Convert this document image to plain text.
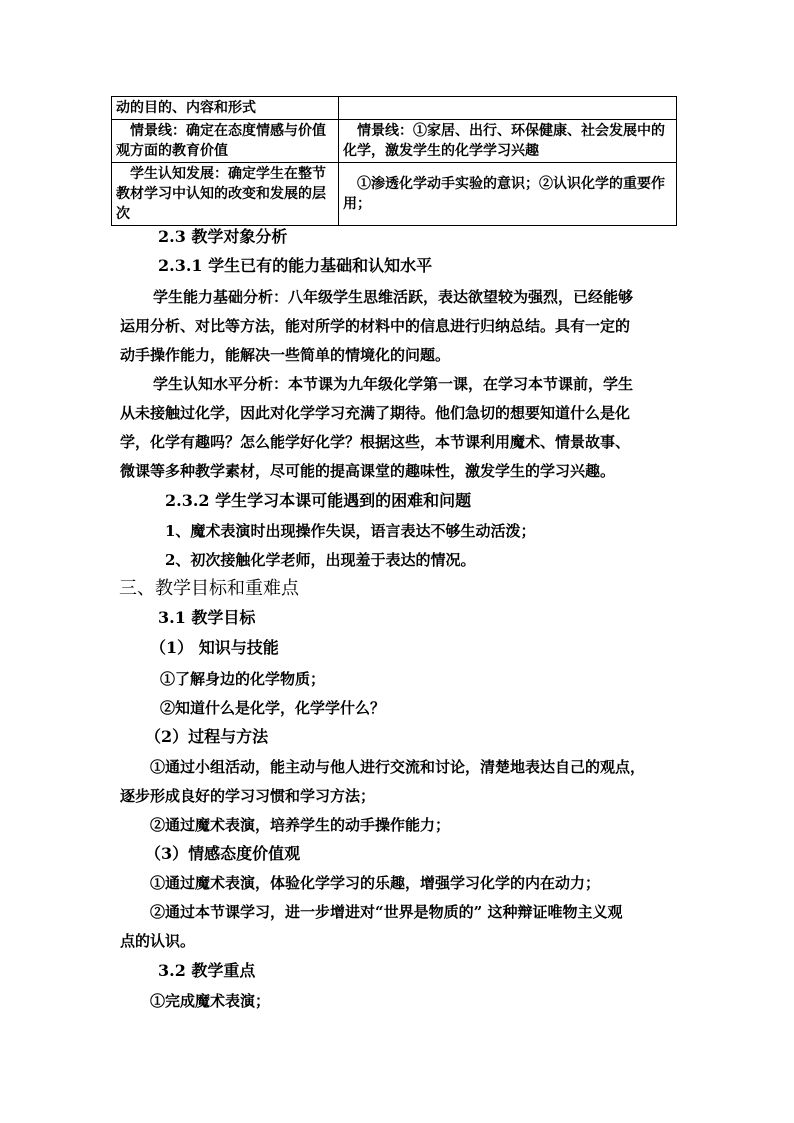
动的目的、内容和形式	
情景线：确定在态度情感与价值观方面的教育价值	情景线：①家居、出行、环保健康、社会发展中的化学，激发学生的化学学习兴趣
学生认知发展：确定学生在整节教材学习中认知的改变和发展的层次	①渗透化学动手实验的意识；②认识化学的重要作用；
2.3 教学对象分析
2.3.1 学生已有的能力基础和认知水平
学生能力基础分析：八年级学生思维活跃，表达欲望较为强烈，已经能够
运用分析、对比等方法，能对所学的材料中的信息进行归纳总结。具有一定的
动手操作能力，能解决一些简单的情境化的问题。
学生认知水平分析：本节课为九年级化学第一课，在学习本节课前，学生
从未接触过化学，因此对化学学习充满了期待。他们急切的想要知道什么是化
学，化学有趣吗？怎么能学好化学？根据这些，本节课利用魔术、情景故事、
微课等多种教学素材，尽可能的提高课堂的趣味性，激发学生的学习兴趣。
2.3.2 学生学习本课可能遇到的困难和问题
1、魔术表演时出现操作失误，语言表达不够生动活泼；
2、初次接触化学老师，出现羞于表达的情况。
三、教学目标和重难点
3.1 教学目标
（1） 知识与技能
①了解身边的化学物质；
②知道什么是化学，化学学什么？
（2）过程与方法
①通过小组活动，能主动与他人进行交流和讨论，清楚地表达自己的观点，
逐步形成良好的学习习惯和学习方法；
②通过魔术表演，培养学生的动手操作能力；
（3）情感态度价值观
①通过魔术表演，体验化学学习的乐趣，增强学习化学的内在动力；
②通过本节课学习，进一步增进对“世界是物质的” 这种辩证唯物主义观
点的认识。
3.2 教学重点
①完成魔术表演；
